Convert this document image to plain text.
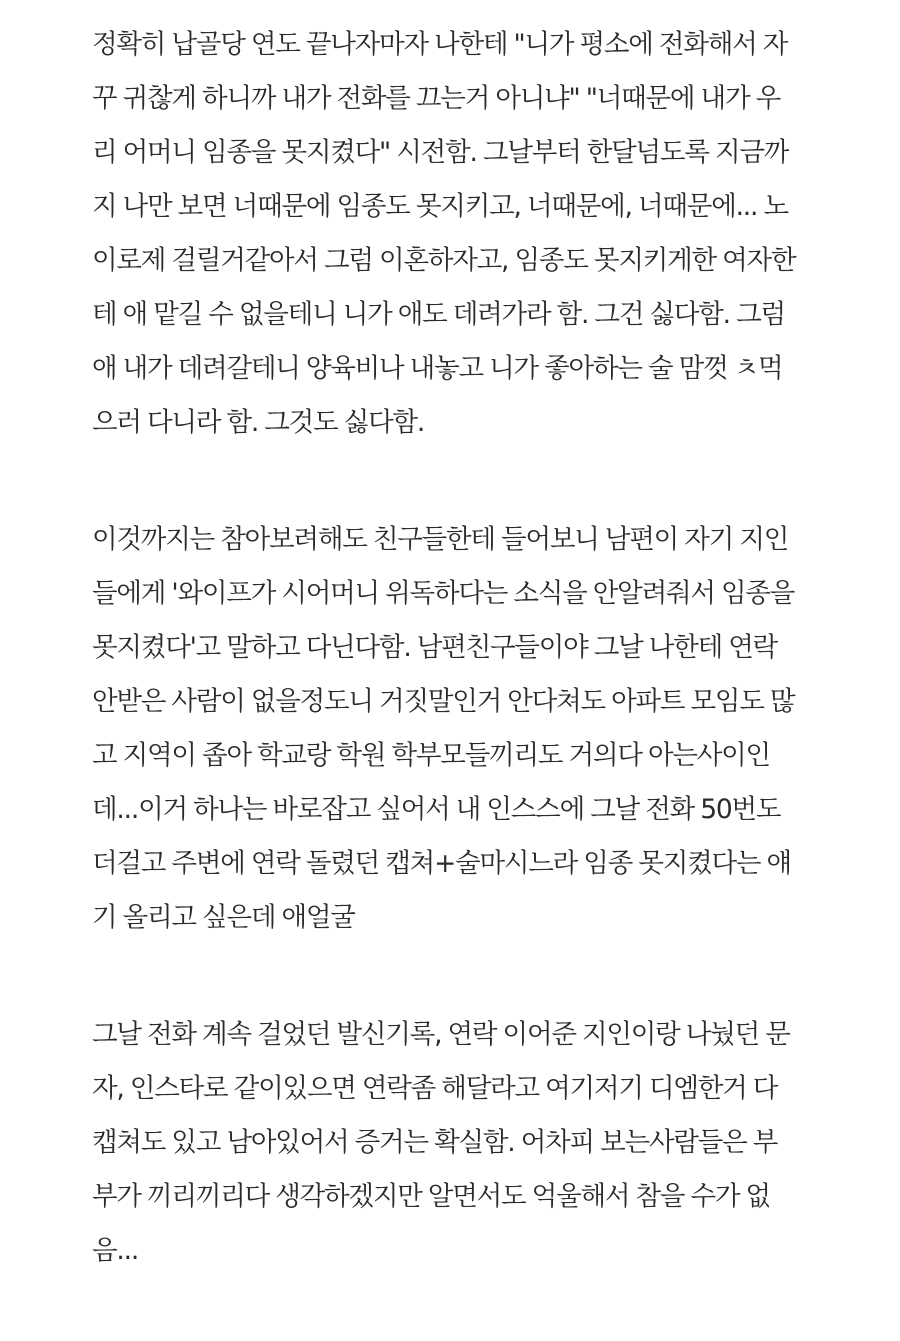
정확히 납골당 연도 끝나자마자 나한테 "니가 평소에 전화해서 자
꾸 귀찮게 하니까 내가 전화를 끄는거 아니냐" "너때문에 내가 우
리 어머니 임종을 못지켰다" 시전함. 그날부터 한달넘도록 지금까
지 나만 보면 너때문에 임종도 못지키고, 너때문에, 너때문에... 노
이로제 걸릴거같아서 그럼 이혼하자고, 임종도 못지키게한 여자한
테 애 맡길 수 없을테니 니가 애도 데려가라 함. 그건 싫다함. 그럼
애 내가 데려갈테니 양육비나 내놓고 니가 좋아하는 술 맘껏 ㅊ먹
으러 다니라 함. 그것도 싫다함.
이것까지는 참아보려해도 친구들한테 들어보니 남편이 자기 지인
들에게 '와이프가 시어머니 위독하다는 소식을 안알려줘서 임종을
못지켰다'고 말하고 다닌다함. 남편친구들이야 그날 나한테 연락
안받은 사람이 없을정도니 거짓말인거 안다쳐도 아파트 모임도 많
고 지역이 좁아 학교랑 학원 학부모들끼리도 거의다 아는사이인
데...이거 하나는 바로잡고 싶어서 내 인스스에 그날 전화 50번도
더걸고 주변에 연락 돌렸던 캡쳐+술마시느라 임종 못지켰다는 얘
기 올리고 싶은데 애얼굴
그날 전화 계속 걸었던 발신기록, 연락 이어준 지인이랑 나눴던 문
자, 인스타로 같이있으면 연락좀 해달라고 여기저기 디엠한거 다
캡쳐도 있고 남아있어서 증거는 확실함. 어차피 보는사람들은 부
부가 끼리끼리다 생각하겠지만 알면서도 억울해서 참을 수가 없
음...
